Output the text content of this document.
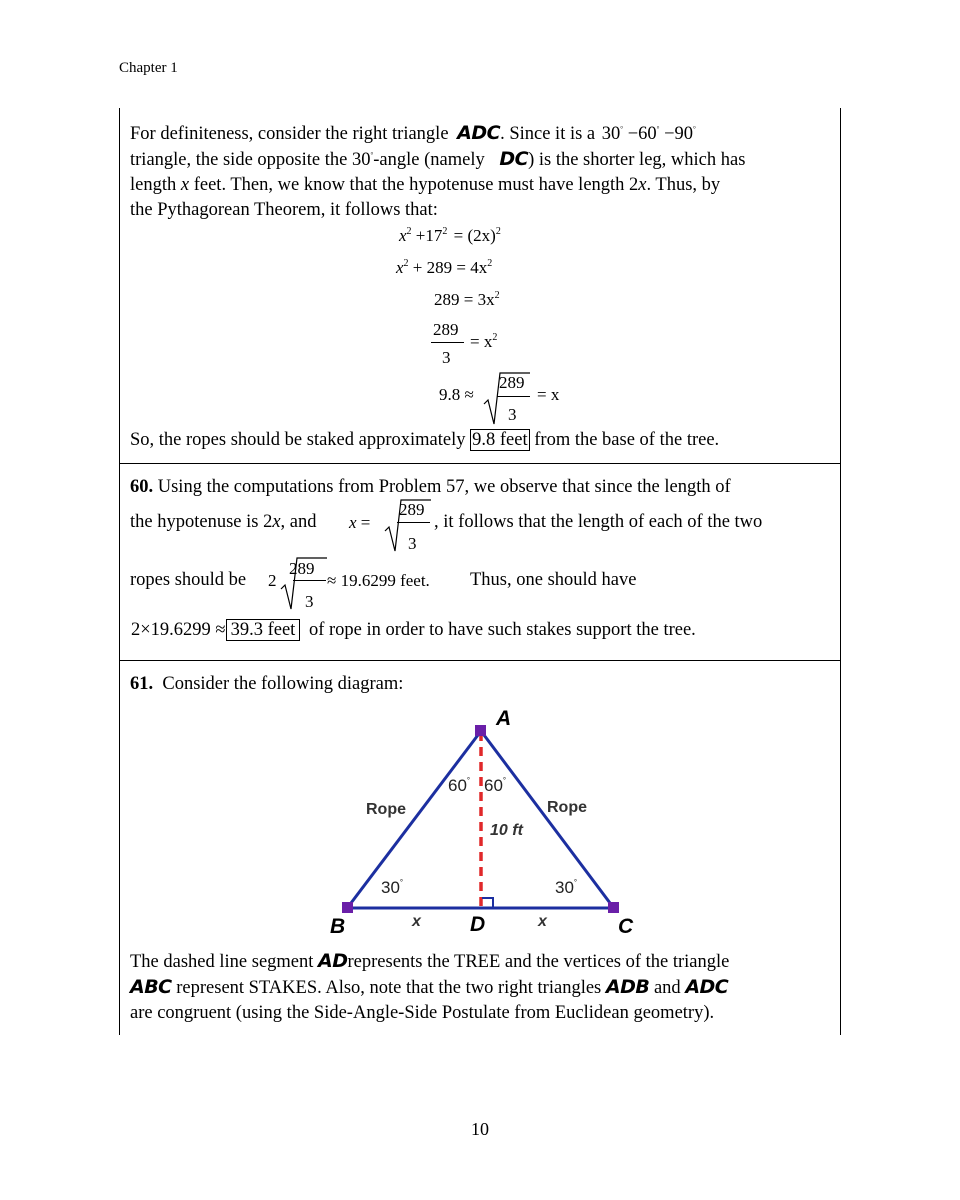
Chapter 1
10
For definiteness, consider the right triangle ADC. Since it is a 30° −60° −90°
triangle, the side opposite the 30°-angle (namely DC) is the shorter leg, which has
length x feet. Then, we know that the hypotenuse must have length 2x. Thus, by
the Pythagorean Theorem, it follows that:
$x^2 +17^2 = (2x)^2$
$x^2 + 289 = 4x^2$
$289 = 3x^2$
289
3
= $x^2$
9.8 ≈
289
3
= x
So, the ropes should be staked approximately 9.8 feet from the base of the tree.
60. Using the computations from Problem 57, we observe that since the length of
the hypotenuse is 2x, and x =
289
3
, it follows that the length of each of the two
ropes should be 2
289
3
≈ 19.6299 feet. Thus, one should have
2×19.6299 ≈ 39.3 feet of rope in order to have such stakes support the tree.
61. Consider the following diagram:
A
B	C
D
Rope	Rope
10 ft
60° 60°
30°	30°
x	x
The dashed line segment ADrepresents the TREE and the vertices of the triangle
ABC represent STAKES. Also, note that the two right triangles ADB and ADC
are congruent (using the Side-Angle-Side Postulate from Euclidean geometry).
